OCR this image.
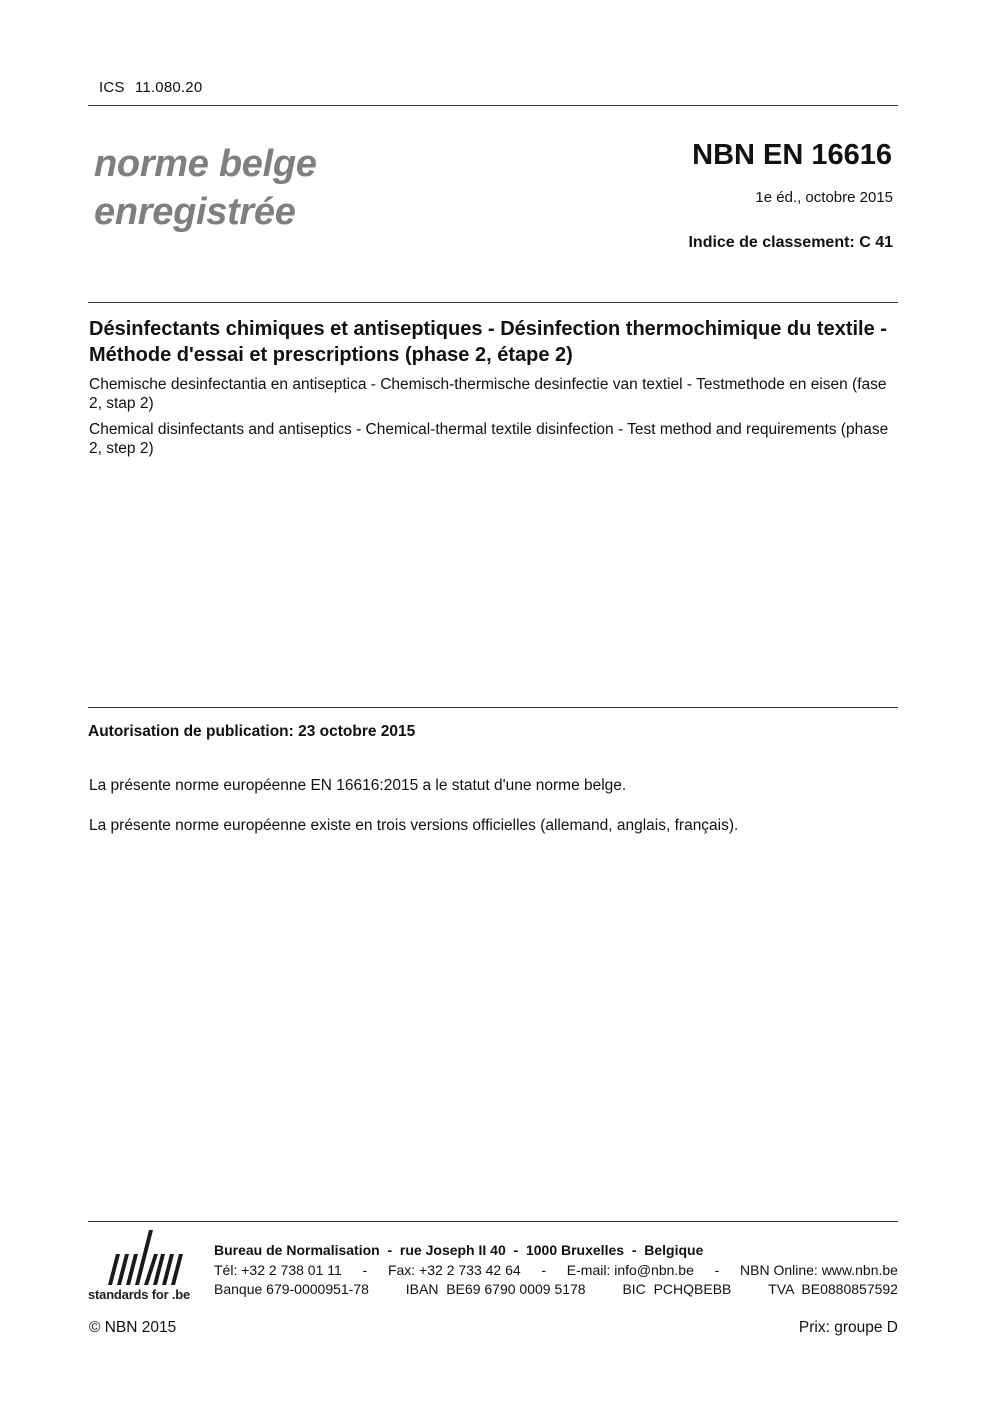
ICS 11.080.20
norme belge
enregistrée
NBN EN 16616
1e éd., octobre 2015
Indice de classement: C 41
Désinfectants chimiques et antiseptiques - Désinfection thermochimique du textile - Méthode d'essai et prescriptions (phase 2, étape 2)
Chemische desinfectantia en antiseptica - Chemisch-thermische desinfectie van textiel - Testmethode en eisen (fase 2, stap 2)
Chemical disinfectants and antiseptics - Chemical-thermal textile disinfection - Test method and requirements (phase 2, step 2)
Autorisation de publication: 23 octobre 2015
La présente norme européenne EN 16616:2015 a le statut d'une norme belge.
La présente norme européenne existe en trois versions officielles (allemand, anglais, français).
standards for .be
Bureau de Normalisation  -  rue Joseph II 40  -  1000 Bruxelles  -  Belgique
Tél: +32 2 738 01 11 - Fax: +32 2 733 42 64 - E-mail: info@nbn.be - NBN Online: www.nbn.be
Banque 679-0000951-78	IBAN  BE69 6790 0009 5178	BIC  PCHQBEBB	TVA  BE0880857592
© NBN 2015	Prix: groupe D
